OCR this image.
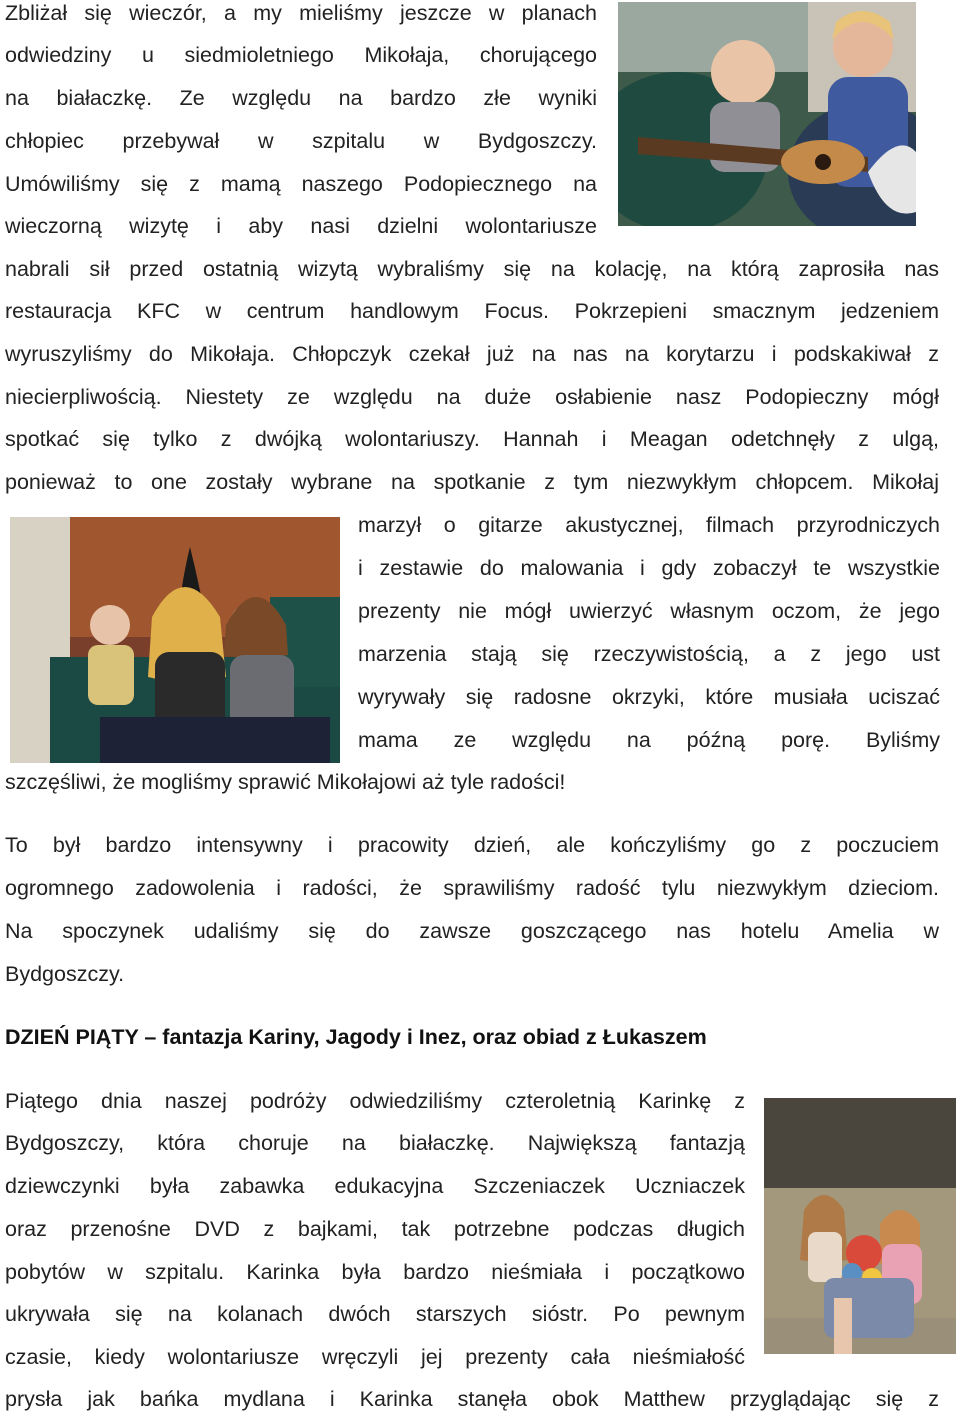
Zbliżał się wieczór, a my mieliśmy jeszcze w planach
odwiedziny u siedmioletniego Mikołaja, chorującego
na białaczkę. Ze względu na bardzo złe wyniki
chłopiec przebywał w szpitalu w Bydgoszczy.
Umówiliśmy się z mamą naszego Podopiecznego na
wieczorną wizytę i aby nasi dzielni wolontariusze
nabrali sił przed ostatnią wizytą wybraliśmy się na kolację, na którą zaprosiła nas
restauracja KFC w centrum handlowym Focus. Pokrzepieni smacznym jedzeniem
wyruszyliśmy do Mikołaja. Chłopczyk czekał już na nas na korytarzu i podskakiwał z
niecierpliwością. Niestety ze względu na duże osłabienie nasz Podopieczny mógł
spotkać się tylko z dwójką wolontariuszy. Hannah i Meagan odetchnęły z ulgą,
ponieważ to one zostały wybrane na spotkanie z tym niezwykłym chłopcem. Mikołaj
marzył o gitarze akustycznej, filmach przyrodniczych
i zestawie do malowania i gdy zobaczył te wszystkie
prezenty nie mógł uwierzyć własnym oczom, że jego
marzenia stają się rzeczywistością, a z jego ust
wyrywały się radosne okrzyki, które musiała uciszać
mama ze względu na późną porę. Byliśmy
szczęśliwi, że mogliśmy sprawić Mikołajowi aż tyle radości!
To był bardzo intensywny i pracowity dzień, ale kończyliśmy go z poczuciem
ogromnego zadowolenia i radości, że sprawiliśmy radość tylu niezwykłym dzieciom.
Na spoczynek udaliśmy się do zawsze goszczącego nas hotelu Amelia w
Bydgoszczy.
DZIEŃ PIĄTY – fantazja Kariny, Jagody i Inez, oraz obiad z Łukaszem
Piątego dnia naszej podróży odwiedziliśmy czteroletnią Karinkę z
Bydgoszczy, która choruje na białaczkę. Największą fantazją
dziewczynki była zabawka edukacyjna Szczeniaczek Uczniaczek
oraz przenośne DVD z bajkami, tak potrzebne podczas długich
pobytów w szpitalu. Karinka była bardzo nieśmiała i początkowo
ukrywała się na kolanach dwóch starszych sióstr. Po pewnym
czasie, kiedy wolontariusze wręczyli jej prezenty cała nieśmiałość
prysła jak bańka mydlana i Karinka stanęła obok Matthew przyglądając się z
